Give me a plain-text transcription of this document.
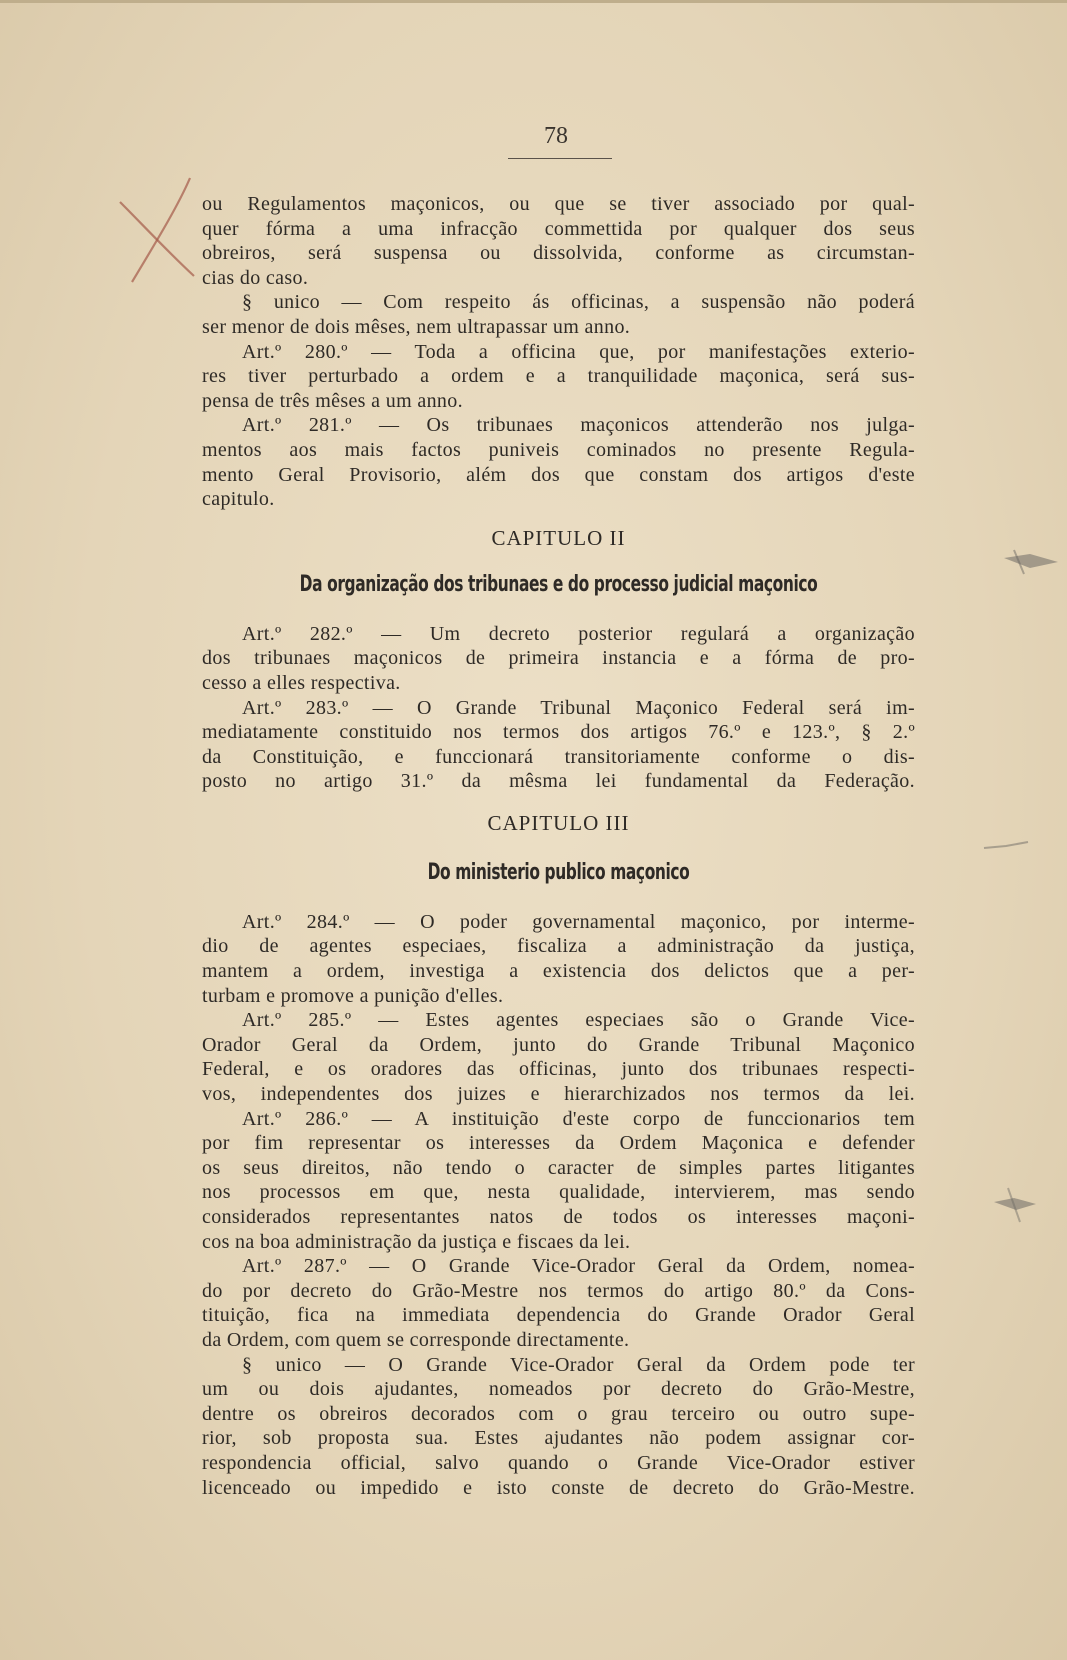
78
ou Regulamentos maçonicos, ou que se tiver associado por qual-
quer fórma a uma infracção commettida por qualquer dos seus
obreiros, será suspensa ou dissolvida, conforme as circumstan-
cias do caso.
§ unico — Com respeito ás officinas, a suspensão não poderá
ser menor de dois mêses, nem ultrapassar um anno.
Art.º 280.º — Toda a officina que, por manifestações exterio-
res tiver perturbado a ordem e a tranquilidade maçonica, será sus-
pensa de três mêses a um anno.
Art.º 281.º — Os tribunaes maçonicos attenderão nos julga-
mentos aos mais factos puniveis cominados no presente Regula-
mento Geral Provisorio, além dos que constam dos artigos d'este
capitulo.
CAPITULO II
Da organização dos tribunaes e do processo judicial maçonico
Art.º 282.º — Um decreto posterior regulará a organização
dos tribunaes maçonicos de primeira instancia e a fórma de pro-
cesso a elles respectiva.
Art.º 283.º — O Grande Tribunal Maçonico Federal será im-
mediatamente constituido nos termos dos artigos 76.º e 123.º, § 2.º
da Constituição, e funccionará transitoriamente conforme o dis-
posto no artigo 31.º da mêsma lei fundamental da Federação.
CAPITULO III
Do ministerio publico maçonico
Art.º 284.º — O poder governamental maçonico, por interme-
dio de agentes especiaes, fiscaliza a administração da justiça,
mantem a ordem, investiga a existencia dos delictos que a per-
turbam e promove a punição d'elles.
Art.º 285.º — Estes agentes especiaes são o Grande Vice-
Orador Geral da Ordem, junto do Grande Tribunal Maçonico
Federal, e os oradores das officinas, junto dos tribunaes respecti-
vos, independentes dos juizes e hierarchizados nos termos da lei.
Art.º 286.º — A instituição d'este corpo de funccionarios tem
por fim representar os interesses da Ordem Maçonica e defender
os seus direitos, não tendo o caracter de simples partes litigantes
nos processos em que, nesta qualidade, intervierem, mas sendo
considerados representantes natos de todos os interesses maçoni-
cos na boa administração da justiça e fiscaes da lei.
Art.º 287.º — O Grande Vice-Orador Geral da Ordem, nomea-
do por decreto do Grão-Mestre nos termos do artigo 80.º da Cons-
tituição, fica na immediata dependencia do Grande Orador Geral
da Ordem, com quem se corresponde directamente.
§ unico — O Grande Vice-Orador Geral da Ordem pode ter
um ou dois ajudantes, nomeados por decreto do Grão-Mestre,
dentre os obreiros decorados com o grau terceiro ou outro supe-
rior, sob proposta sua. Estes ajudantes não podem assignar cor-
respondencia official, salvo quando o Grande Vice-Orador estiver
licenceado ou impedido e isto conste de decreto do Grão-Mestre.
